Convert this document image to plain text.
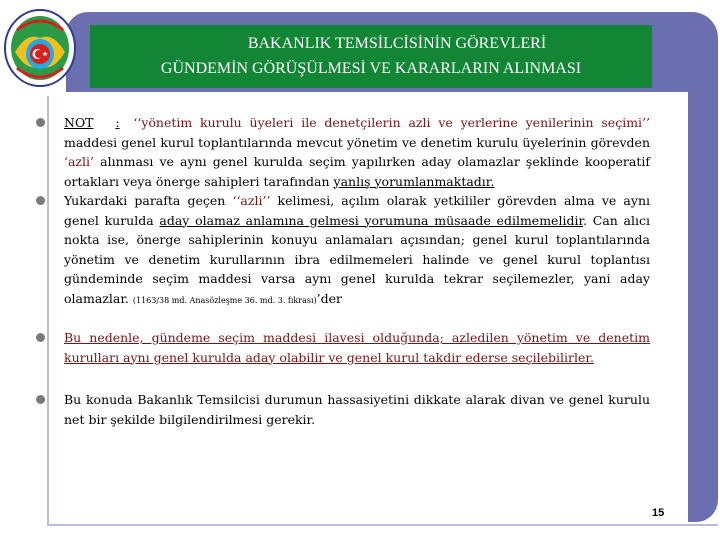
BAKANLIK TEMSİLCİSİNİN GÖREVLERİ
GÜNDEMİN GÖRÜŞÜLMESİ VE KARARLARIN ALINMASI
NOT : ‘‘yönetim kurulu üyeleri ile denetçilerin azli ve yerlerine yenilerinin seçimi’’ maddesi genel kurul toplantılarında mevcut yönetim ve denetim kurulu üyelerinin görevden ‘azli’ alınması ve aynı genel kurulda seçim yapılırken aday olamazlar şeklinde kooperatif ortakları veya önerge sahipleri tarafından yanlış yorumlanmaktadır.
Yukardaki parafta geçen ‘‘azli’’ kelimesi, açılım olarak yetkililer görevden alma ve aynı genel kurulda aday olamaz anlamına gelmesi yorumuna müsaade edilmemelidir. Can alıcı nokta ise, önerge sahiplerinin konuyu anlamaları açısından; genel kurul toplantılarında yönetim ve denetim kurullarının ibra edilmemeleri halinde ve genel kurul toplantısı gündeminde seçim maddesi varsa aynı genel kurulda tekrar seçilemezler, yani aday olamazlar. (1163/38 md. Anasözleşme 36. md. 3. fıkrası)’der
Bu nedenle, gündeme seçim maddesi ilavesi olduğunda; azledilen yönetim ve denetim kurulları aynı genel kurulda aday olabilir ve genel kurul takdir ederse seçilebilirler.
Bu konuda Bakanlık Temsilcisi durumun hassasiyetini dikkate alarak divan ve genel kurulu net bir şekilde bilgilendirilmesi gerekir.
15
